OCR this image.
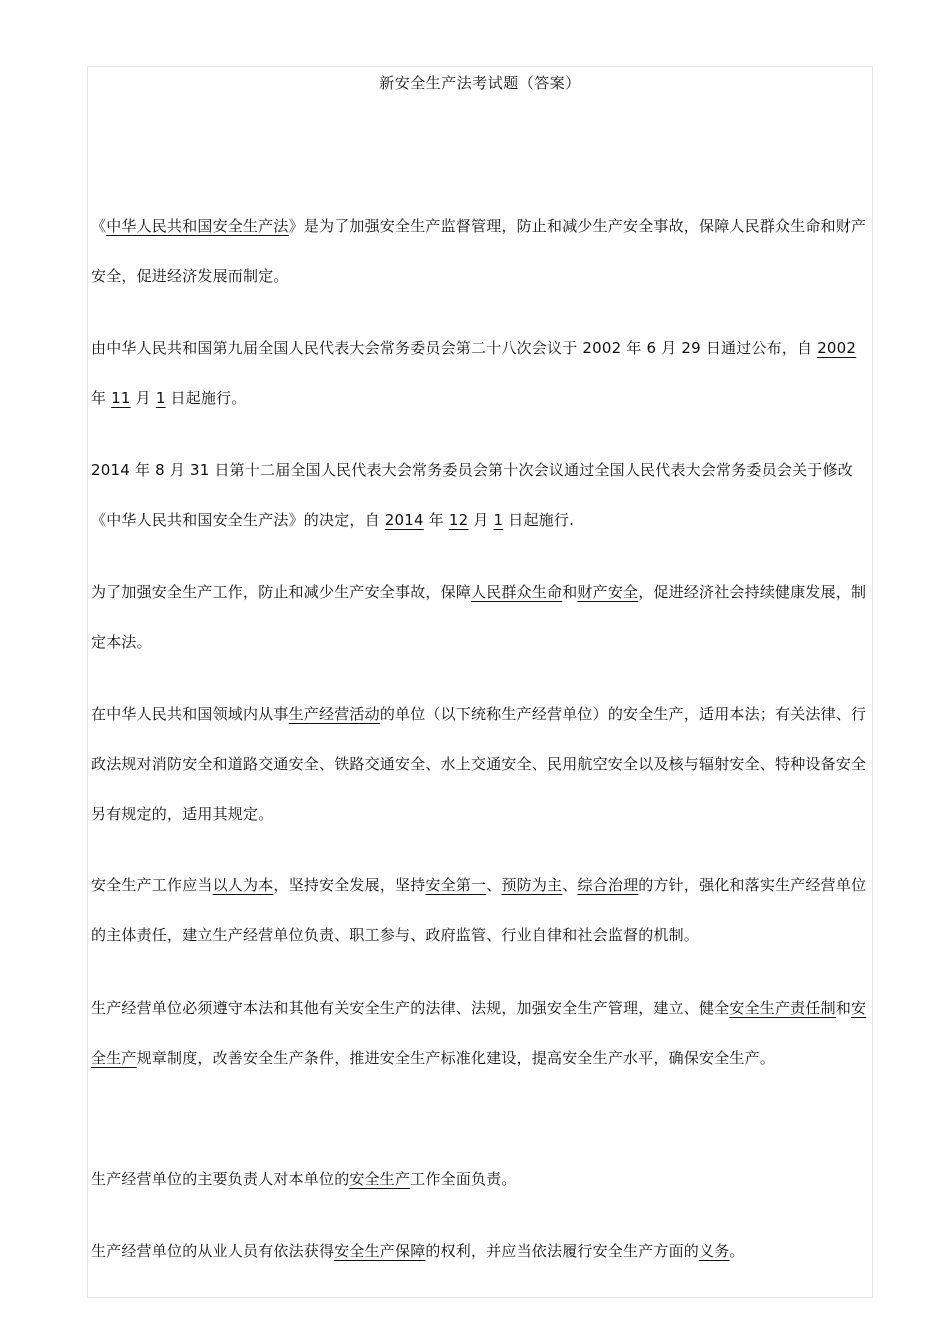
新安全生产法考试题（答案）

《中华人民共和国安全生产法》是为了加强安全生产监督管理，防止和减少生产安全事故，保障人民群众生命和财产安全，促进经济发展而制定。

由中华人民共和国第九届全国人民代表大会常务委员会第二十八次会议于 2002 年 6 月 29 日通过公布，自 2002 年 11 月 1 日起施行。

2014 年 8 月 31 日第十二届全国人民代表大会常务委员会第十次会议通过全国人民代表大会常务委员会关于修改《中华人民共和国安全生产法》的决定，自 2014 年 12 月 1 日起施行.

为了加强安全生产工作，防止和减少生产安全事故，保障人民群众生命和财产安全，促进经济社会持续健康发展，制定本法。

在中华人民共和国领域内从事生产经营活动的单位（以下统称生产经营单位）的安全生产，适用本法；有关法律、行政法规对消防安全和道路交通安全、铁路交通安全、水上交通安全、民用航空安全以及核与辐射安全、特种设备安全另有规定的，适用其规定。

安全生产工作应当以人为本，坚持安全发展，坚持安全第一、预防为主、综合治理的方针，强化和落实生产经营单位的主体责任，建立生产经营单位负责、职工参与、政府监管、行业自律和社会监督的机制。

生产经营单位必须遵守本法和其他有关安全生产的法律、法规，加强安全生产管理，建立、健全安全生产责任制和安全生产规章制度，改善安全生产条件，推进安全生产标准化建设，提高安全生产水平，确保安全生产。

生产经营单位的主要负责人对本单位的安全生产工作全面负责。

生产经营单位的从业人员有依法获得安全生产保障的权利，并应当依法履行安全生产方面的义务。
